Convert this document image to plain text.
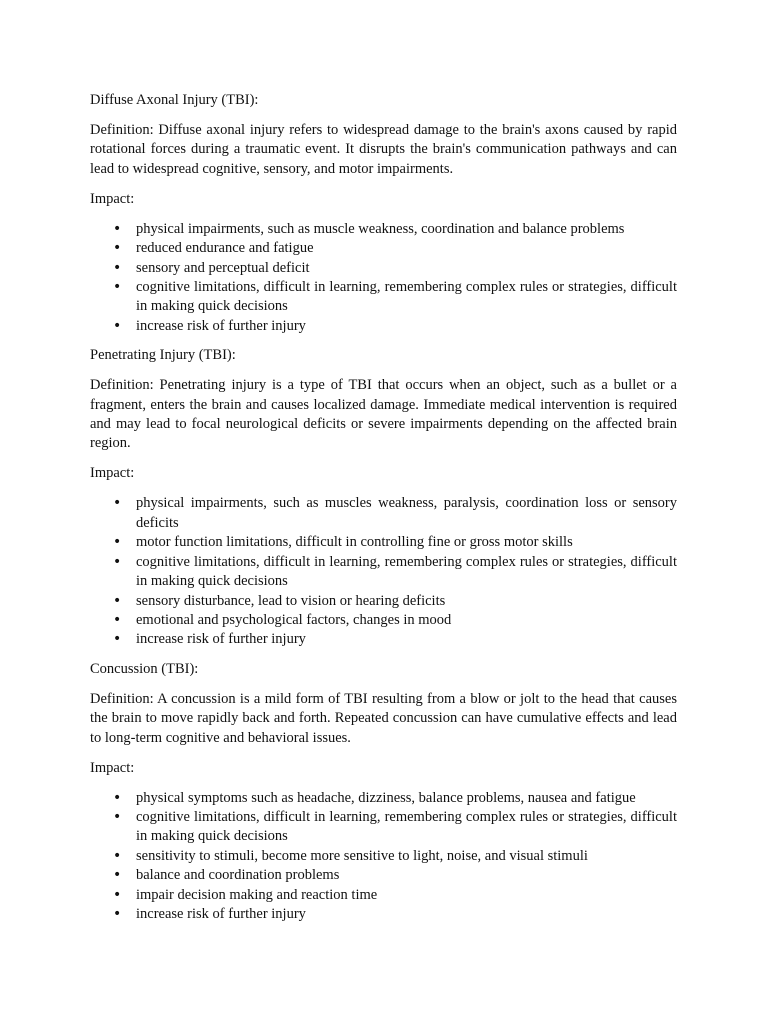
Diffuse Axonal Injury (TBI):

Definition: Diffuse axonal injury refers to widespread damage to the brain's axons caused by rapid rotational forces during a traumatic event. It disrupts the brain's communication pathways and can lead to widespread cognitive, sensory, and motor impairments.

Impact:

• physical impairments, such as muscle weakness, coordination and balance problems
• reduced endurance and fatigue
• sensory and perceptual deficit
• cognitive limitations, difficult in learning, remembering complex rules or strategies, difficult in making quick decisions
• increase risk of further injury

Penetrating Injury (TBI):

Definition: Penetrating injury is a type of TBI that occurs when an object, such as a bullet or a fragment, enters the brain and causes localized damage. Immediate medical intervention is required and may lead to focal neurological deficits or severe impairments depending on the affected brain region.

Impact:

• physical impairments, such as muscles weakness, paralysis, coordination loss or sensory deficits
• motor function limitations, difficult in controlling fine or gross motor skills
• cognitive limitations, difficult in learning, remembering complex rules or strategies, difficult in making quick decisions
• sensory disturbance, lead to vision or hearing deficits
• emotional and psychological factors, changes in mood
• increase risk of further injury

Concussion (TBI):

Definition: A concussion is a mild form of TBI resulting from a blow or jolt to the head that causes the brain to move rapidly back and forth. Repeated concussion can have cumulative effects and lead to long-term cognitive and behavioral issues.

Impact:

• physical symptoms such as headache, dizziness, balance problems, nausea and fatigue
• cognitive limitations, difficult in learning, remembering complex rules or strategies, difficult in making quick decisions
• sensitivity to stimuli, become more sensitive to light, noise, and visual stimuli
• balance and coordination problems
• impair decision making and reaction time
• increase risk of further injury
